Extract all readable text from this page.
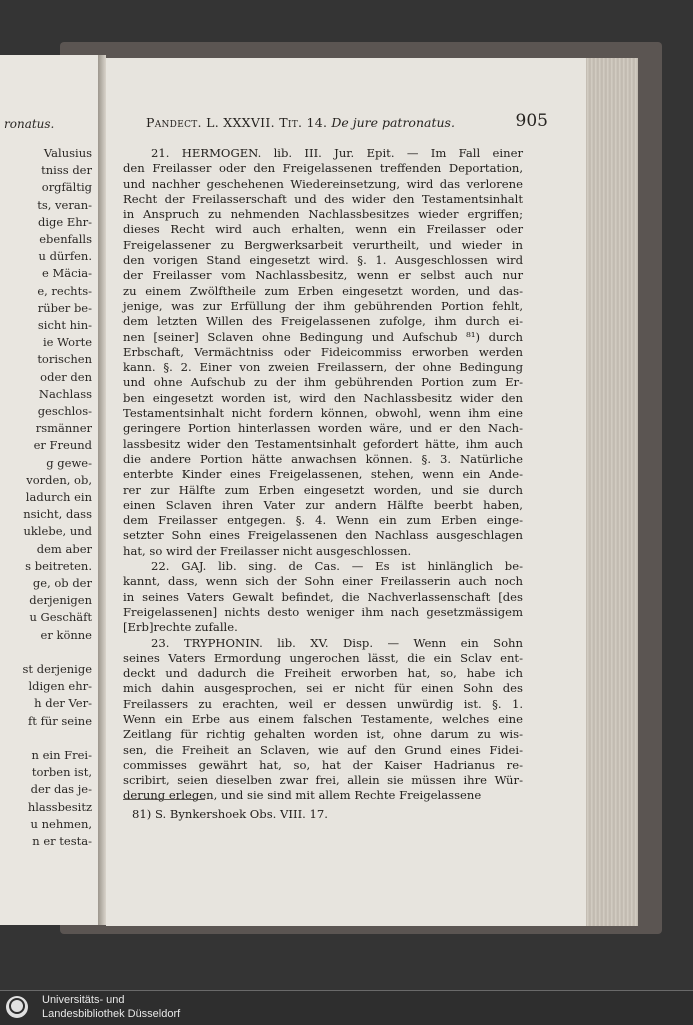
ronatus.
Valusius
tniss der
orgfältig
ts, veran-
dige Ehr-
ebenfalls
u dürfen.
e Mäcia-
e, rechts-
rüber be-
sicht hin-
ie Worte
torischen
oder den
Nachlass
geschlos-
rsmänner
er Freund
g gewe-
vorden, ob,
ladurch ein
nsicht, dass
uklebe, und
dem aber
s beitreten.
ge, ob der
derjenigen
u Geschäft
er könne
st derjenige
ldigen ehr-
h der Ver-
ft für seine
n ein Frei-
torben ist,
der das je-
hlassbesitz
u nehmen,
n er testa-
Pandect. L. XXXVII. Tit. 14. De jure patronatus.	905
21. HERMOGEN. lib. III. Jur. Epit. — Im Fall einer
den Freilasser oder den Freigelassenen treffenden Deportation,
und nachher geschehenen Wiedereinsetzung, wird das verlorene
Recht der Freilasserschaft und des wider den Testamentsinhalt
in Anspruch zu nehmenden Nachlassbesitzes wieder ergriffen;
dieses Recht wird auch erhalten, wenn ein Freilasser oder
Freigelassener zu Bergwerksarbeit verurtheilt, und wieder in
den vorigen Stand eingesetzt wird. §. 1. Ausgeschlossen wird
der Freilasser vom Nachlassbesitz, wenn er selbst auch nur
zu einem Zwölftheile zum Erben eingesetzt worden, und das-
jenige, was zur Erfüllung der ihm gebührenden Portion fehlt,
dem letzten Willen des Freigelassenen zufolge, ihm durch ei-
nen [seiner] Sclaven ohne Bedingung und Aufschub ⁸¹) durch
Erbschaft, Vermächtniss oder Fideicommiss erworben werden
kann. §. 2. Einer von zweien Freilassern, der ohne Bedingung
und ohne Aufschub zu der ihm gebührenden Portion zum Er-
ben eingesetzt worden ist, wird den Nachlassbesitz wider den
Testamentsinhalt nicht fordern können, obwohl, wenn ihm eine
geringere Portion hinterlassen worden wäre, und er den Nach-
lassbesitz wider den Testamentsinhalt gefordert hätte, ihm auch
die andere Portion hätte anwachsen können. §. 3. Natürliche
enterbte Kinder eines Freigelassenen, stehen, wenn ein Ande-
rer zur Hälfte zum Erben eingesetzt worden, und sie durch
einen Sclaven ihren Vater zur andern Hälfte beerbt haben,
dem Freilasser entgegen. §. 4. Wenn ein zum Erben einge-
setzter Sohn eines Freigelassenen den Nachlass ausgeschlagen
hat, so wird der Freilasser nicht ausgeschlossen.
22. GAJ. lib. sing. de Cas. — Es ist hinlänglich be-
kannt, dass, wenn sich der Sohn einer Freilasserin auch noch
in seines Vaters Gewalt befindet, die Nachverlassenschaft [des
Freigelassenen] nichts desto weniger ihm nach gesetzmässigem
[Erb]rechte zufalle.
23. TRYPHONIN. lib. XV. Disp. — Wenn ein Sohn
seines Vaters Ermordung ungerochen lässt, die ein Sclav ent-
deckt und dadurch die Freiheit erworben hat, so, habe ich
mich dahin ausgesprochen, sei er nicht für einen Sohn des
Freilassers zu erachten, weil er dessen unwürdig ist. §. 1.
Wenn ein Erbe aus einem falschen Testamente, welches eine
Zeitlang für richtig gehalten worden ist, ohne darum zu wis-
sen, die Freiheit an Sclaven, wie auf den Grund eines Fidei-
commisses gewährt hat, so, hat der Kaiser Hadrianus re-
scribirt, seien dieselben zwar frei, allein sie müssen ihre Wür-
derung erlegen, und sie sind mit allem Rechte Freigelassene
81) S. Bynkershoek Obs. VIII. 17.
Universitäts- und
Landesbibliothek Düsseldorf
